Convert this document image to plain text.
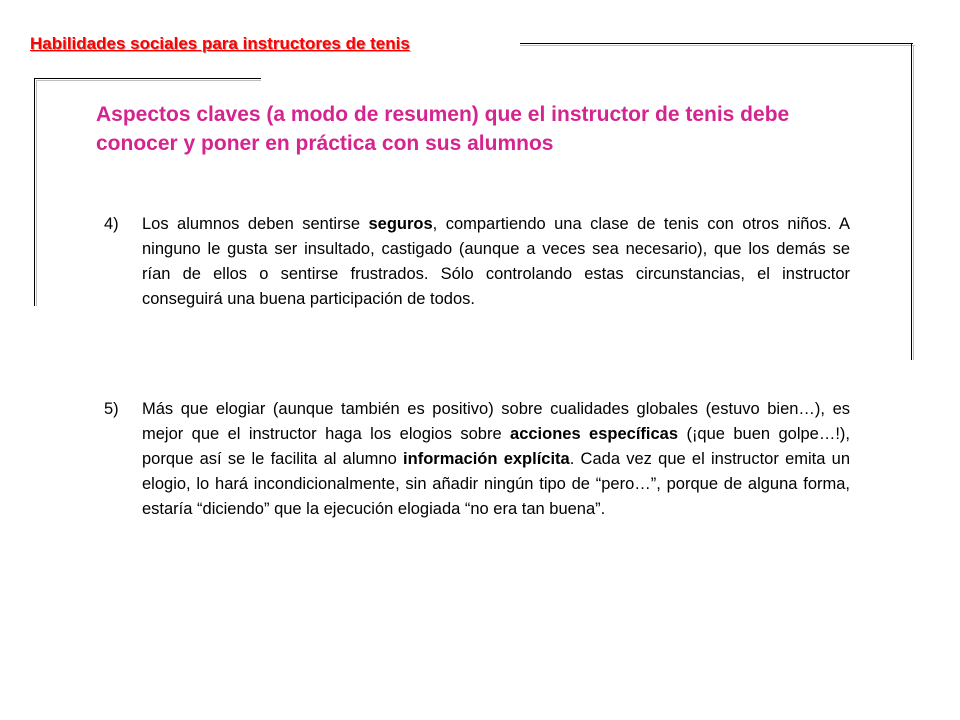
Habilidades sociales para instructores de tenis
Aspectos claves (a modo de resumen) que el instructor de tenis debe conocer y poner en práctica con sus alumnos
4)	Los alumnos deben sentirse seguros, compartiendo una clase de tenis con otros niños. A ninguno le gusta ser insultado, castigado (aunque a veces sea necesario), que los demás se rían de ellos o sentirse frustrados. Sólo controlando estas circunstancias, el instructor conseguirá una buena participación de todos.
5)	Más que elogiar (aunque también es positivo) sobre cualidades globales (estuvo bien…), es mejor que el instructor haga los elogios sobre acciones específicas (¡que buen golpe…!), porque así se le facilita al alumno información explícita. Cada vez que el instructor emita un elogio, lo hará incondicionalmente, sin añadir ningún tipo de “pero…”, porque de alguna forma, estaría “diciendo” que la ejecución elogiada “no era tan buena”.
